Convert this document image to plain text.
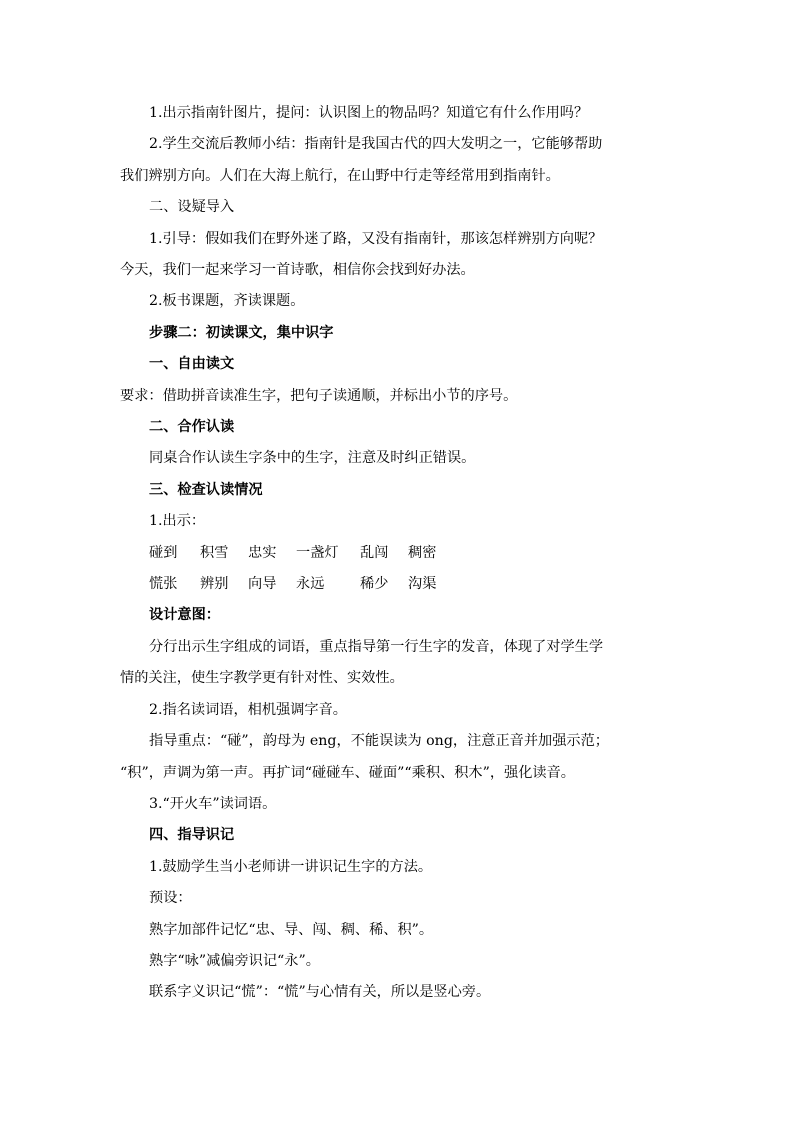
1.出示指南针图片，提问：认识图上的物品吗？知道它有什么作用吗？

2.学生交流后教师小结：指南针是我国古代的四大发明之一，它能够帮助

我们辨别方向。人们在大海上航行，在山野中行走等经常用到指南针。

二、设疑导入

1.引导：假如我们在野外迷了路，又没有指南针，那该怎样辨别方向呢？

今天，我们一起来学习一首诗歌，相信你会找到好办法。

2.板书课题，齐读课题。

步骤二：初读课文，集中识字

一、自由读文

要求：借助拼音读准生字，把句子读通顺，并标出小节的序号。

二、合作认读

同桌合作认读生字条中的生字，注意及时纠正错误。

三、检查认读情况

1.出示：

碰到 积雪 忠实 一盏灯 乱闯 稠密
慌张 辨别 向导 永远	稀少 沟渠

设计意图：

分行出示生字组成的词语，重点指导第一行生字的发音，体现了对学生学

情的关注，使生字教学更有针对性、实效性。

2.指名读词语，相机强调字音。

指导重点：“碰”，韵母为 eng，不能误读为 ong，注意正音并加强示范；

“积”，声调为第一声。再扩词“碰碰车、碰面”“乘积、积木”，强化读音。

3.“开火车”读词语。

四、指导识记

1.鼓励学生当小老师讲一讲识记生字的方法。

预设：

熟字加部件记忆“忠、导、闯、稠、稀、积”。

熟字“咏”减偏旁识记“永”。

联系字义识记“慌”：“慌”与心情有关，所以是竖心旁。
